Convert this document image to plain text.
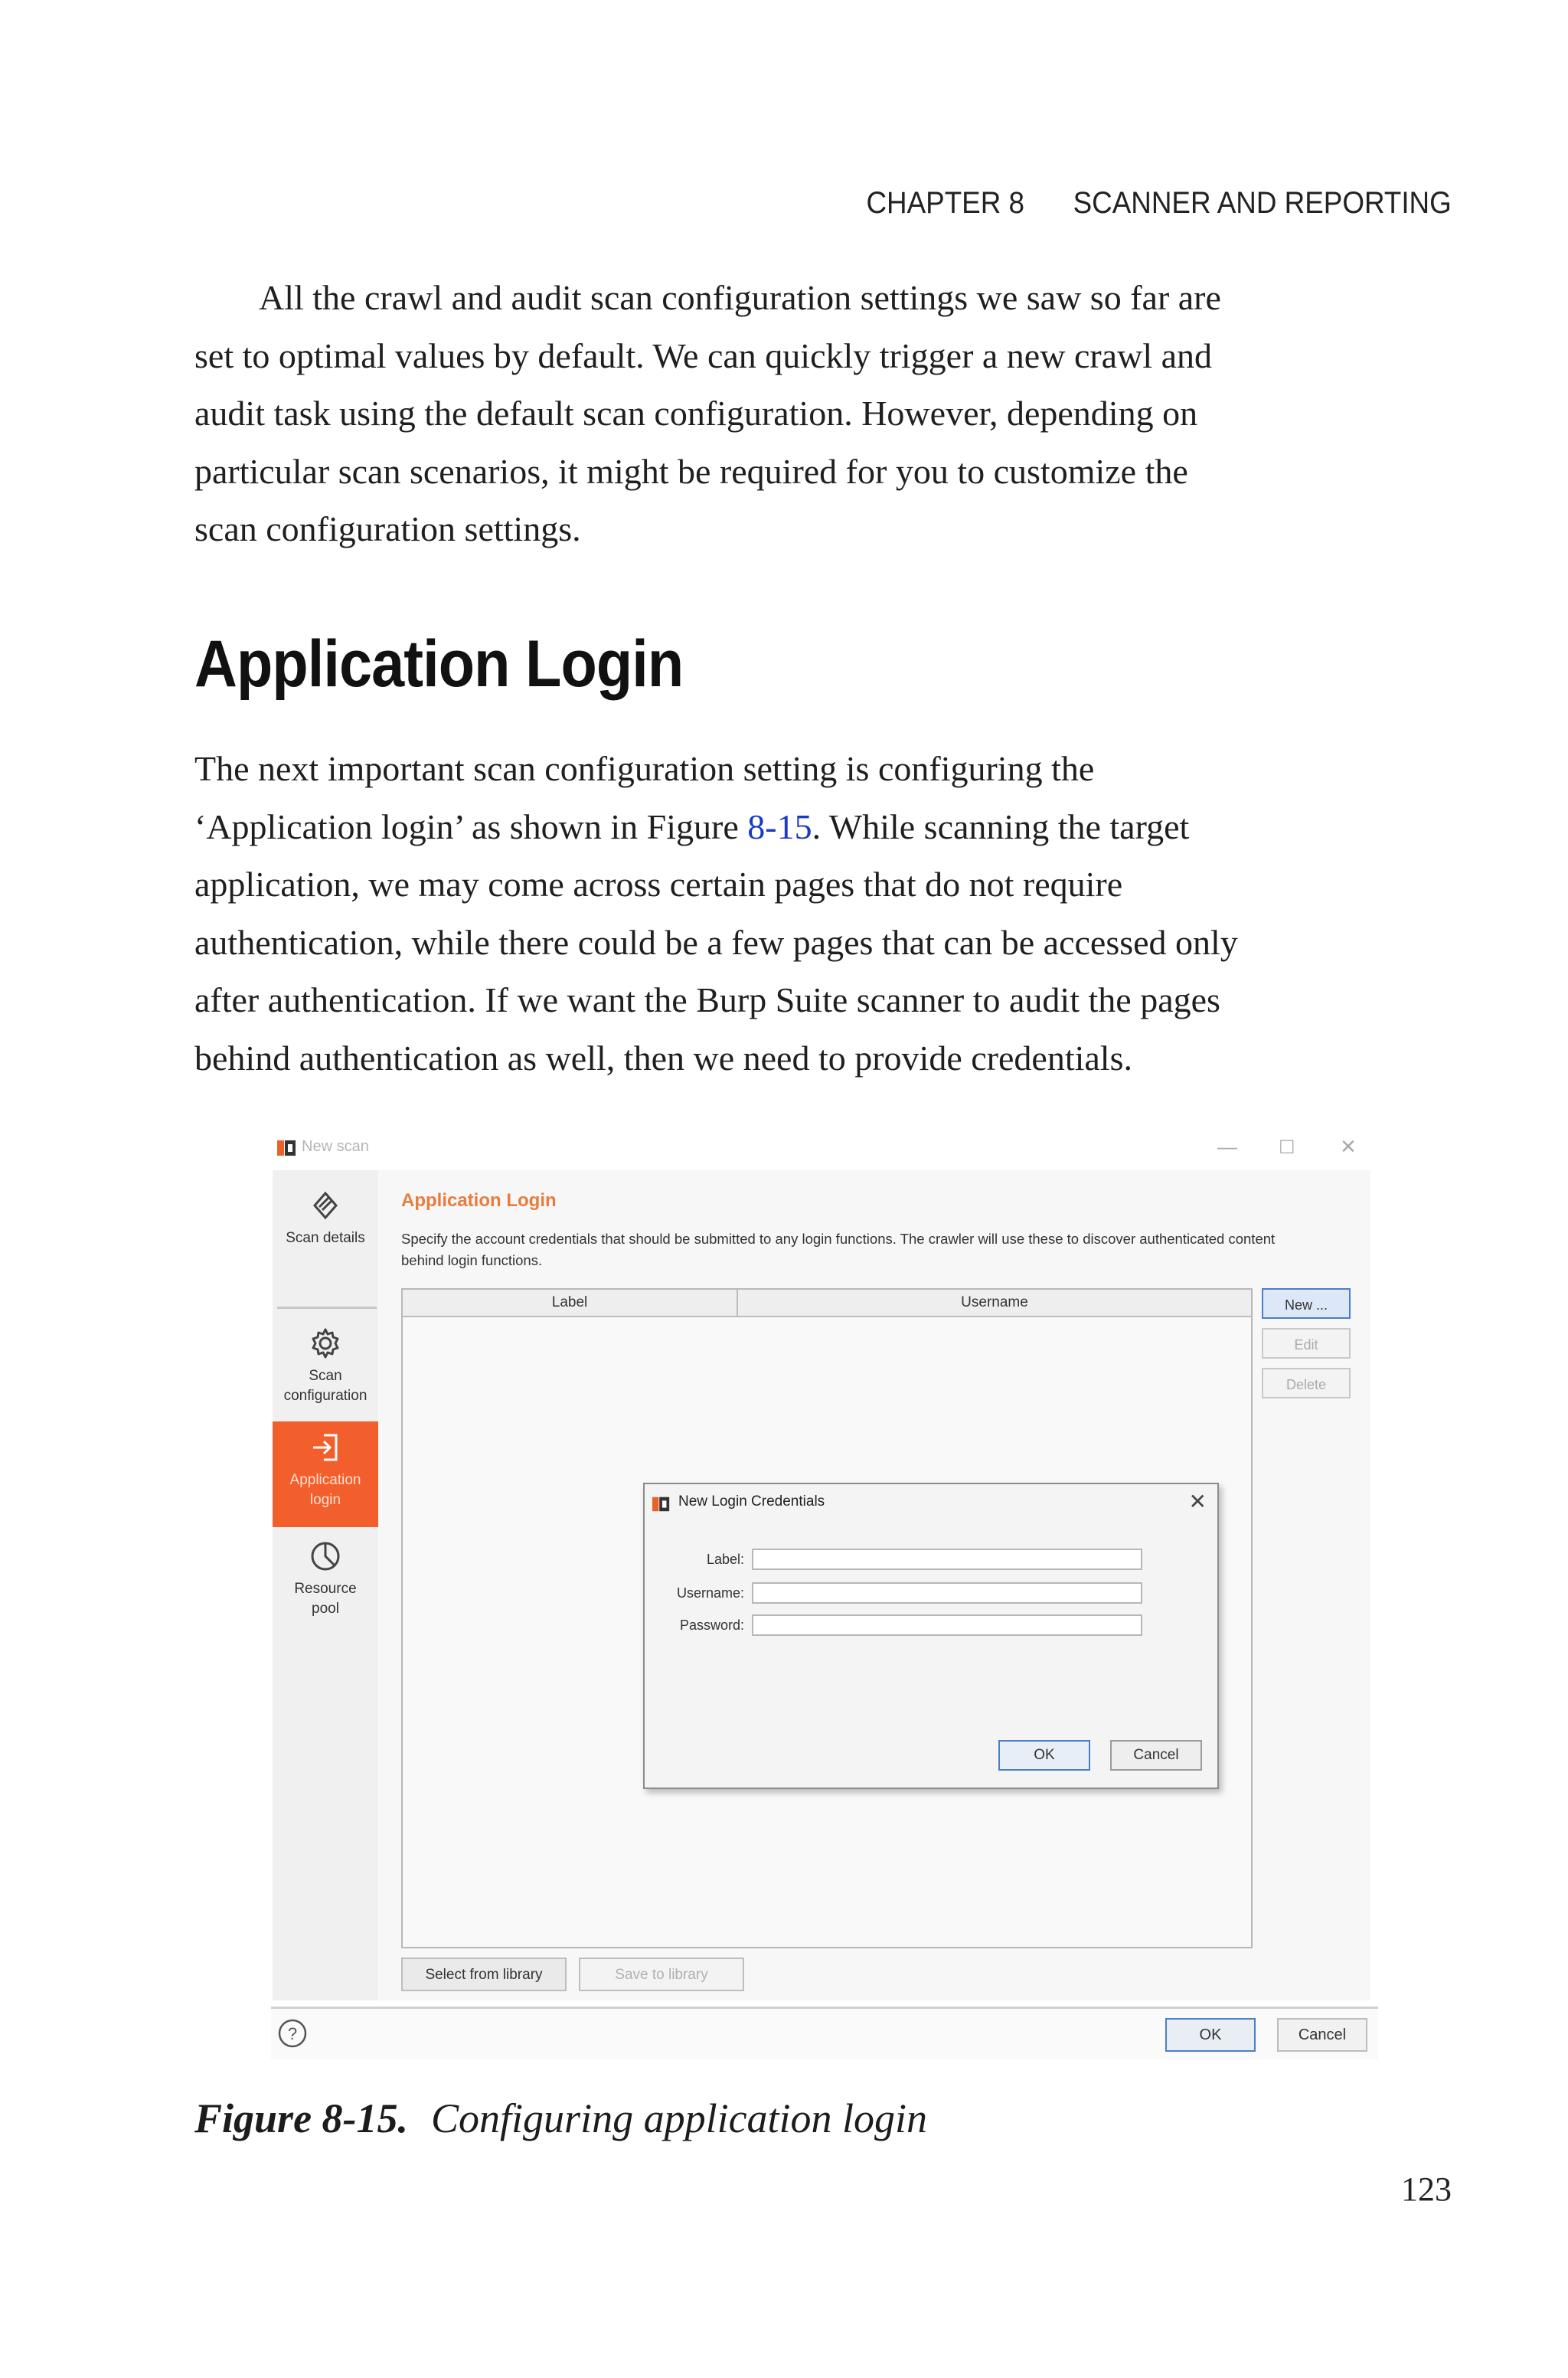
CHAPTER 8 SCANNER AND REPORTING

All the crawl and audit scan configuration settings we saw so far are
set to optimal values by default. We can quickly trigger a new crawl and
audit task using the default scan configuration. However, depending on
particular scan scenarios, it might be required for you to customize the
scan configuration settings.

Application Login

The next important scan configuration setting is configuring the
‘Application login’ as shown in Figure 8-15. While scanning the target
application, we may come across certain pages that do not require
authentication, while there could be a few pages that can be accessed only
after authentication. If we want the Burp Suite scanner to audit the pages
behind authentication as well, then we need to provide credentials.

New scan	— ☐ ✕
Scan details
Scan
configuration
Application
login
Resource
pool
Application Login
Specify the account credentials that should be submitted to any login functions. The crawler will use these to discover authenticated content
behind login functions.
Label	Username	New ...
Edit
Delete
Select from library	Save to library
New Login Credentials	✕
Label:
Username:
Password:
OK	Cancel
?	OK	Cancel

Figure 8-15. Configuring application login

123
